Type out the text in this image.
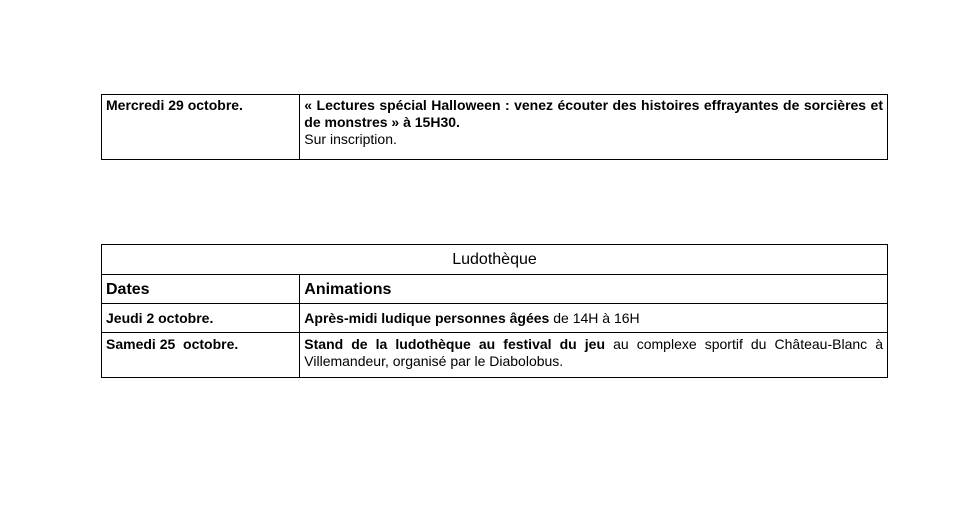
Mercredi 29 octobre.	« Lectures spécial Halloween : venez écouter des histoires effrayantes de sorcières et de monstres » à 15H30.
Sur inscription.
Ludothèque	
Dates	Animations
Jeudi 2 octobre.	Après-midi ludique personnes âgées de 14H à 16H
Samedi 25  octobre.	Stand de la ludothèque au festival du jeu au complexe sportif du Château-Blanc à Villemandeur, organisé par le Diabolobus.
